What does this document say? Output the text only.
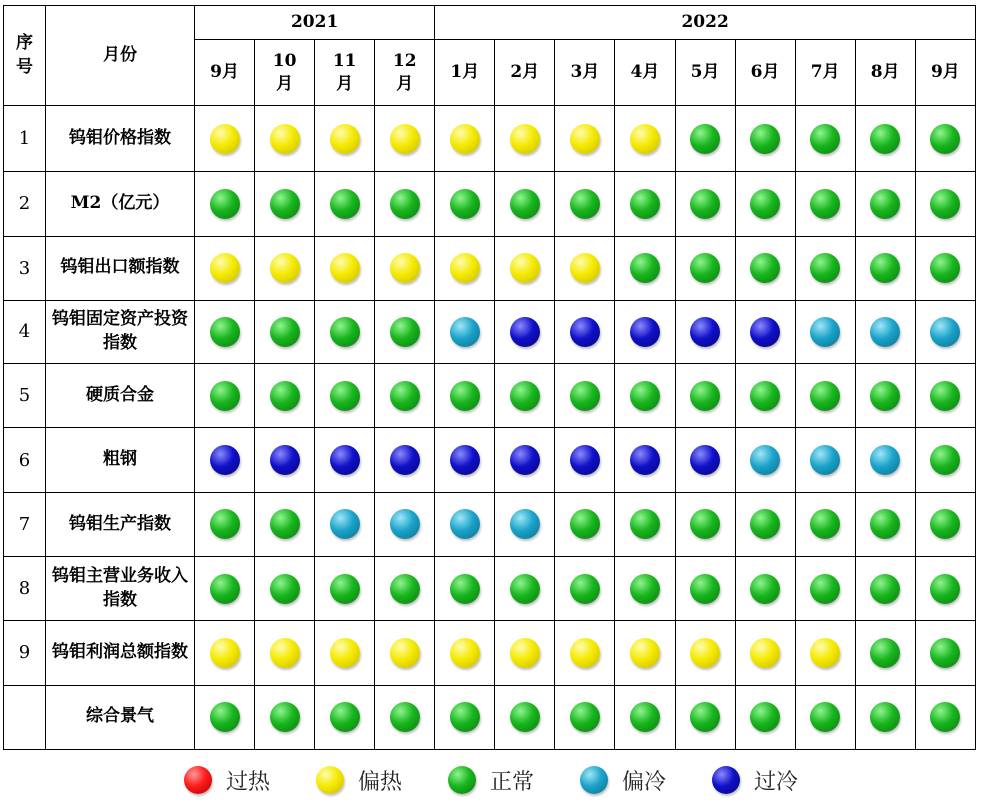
序号	月份	2021				2022								
		9月	10月	11月	12月	1月	2月	3月	4月	5月	6月	7月	8月	9月
1	钨钼价格指数													
2	M2（亿元）													
3	钨钼出口额指数													
4	钨钼固定资产投资指数													
5	硬质合金													
6	粗钢													
7	钨钼生产指数													
8	钨钼主营业务收入指数													
9	钨钼利润总额指数													
	综合景气													
过热	偏热	正常	偏冷	过冷
